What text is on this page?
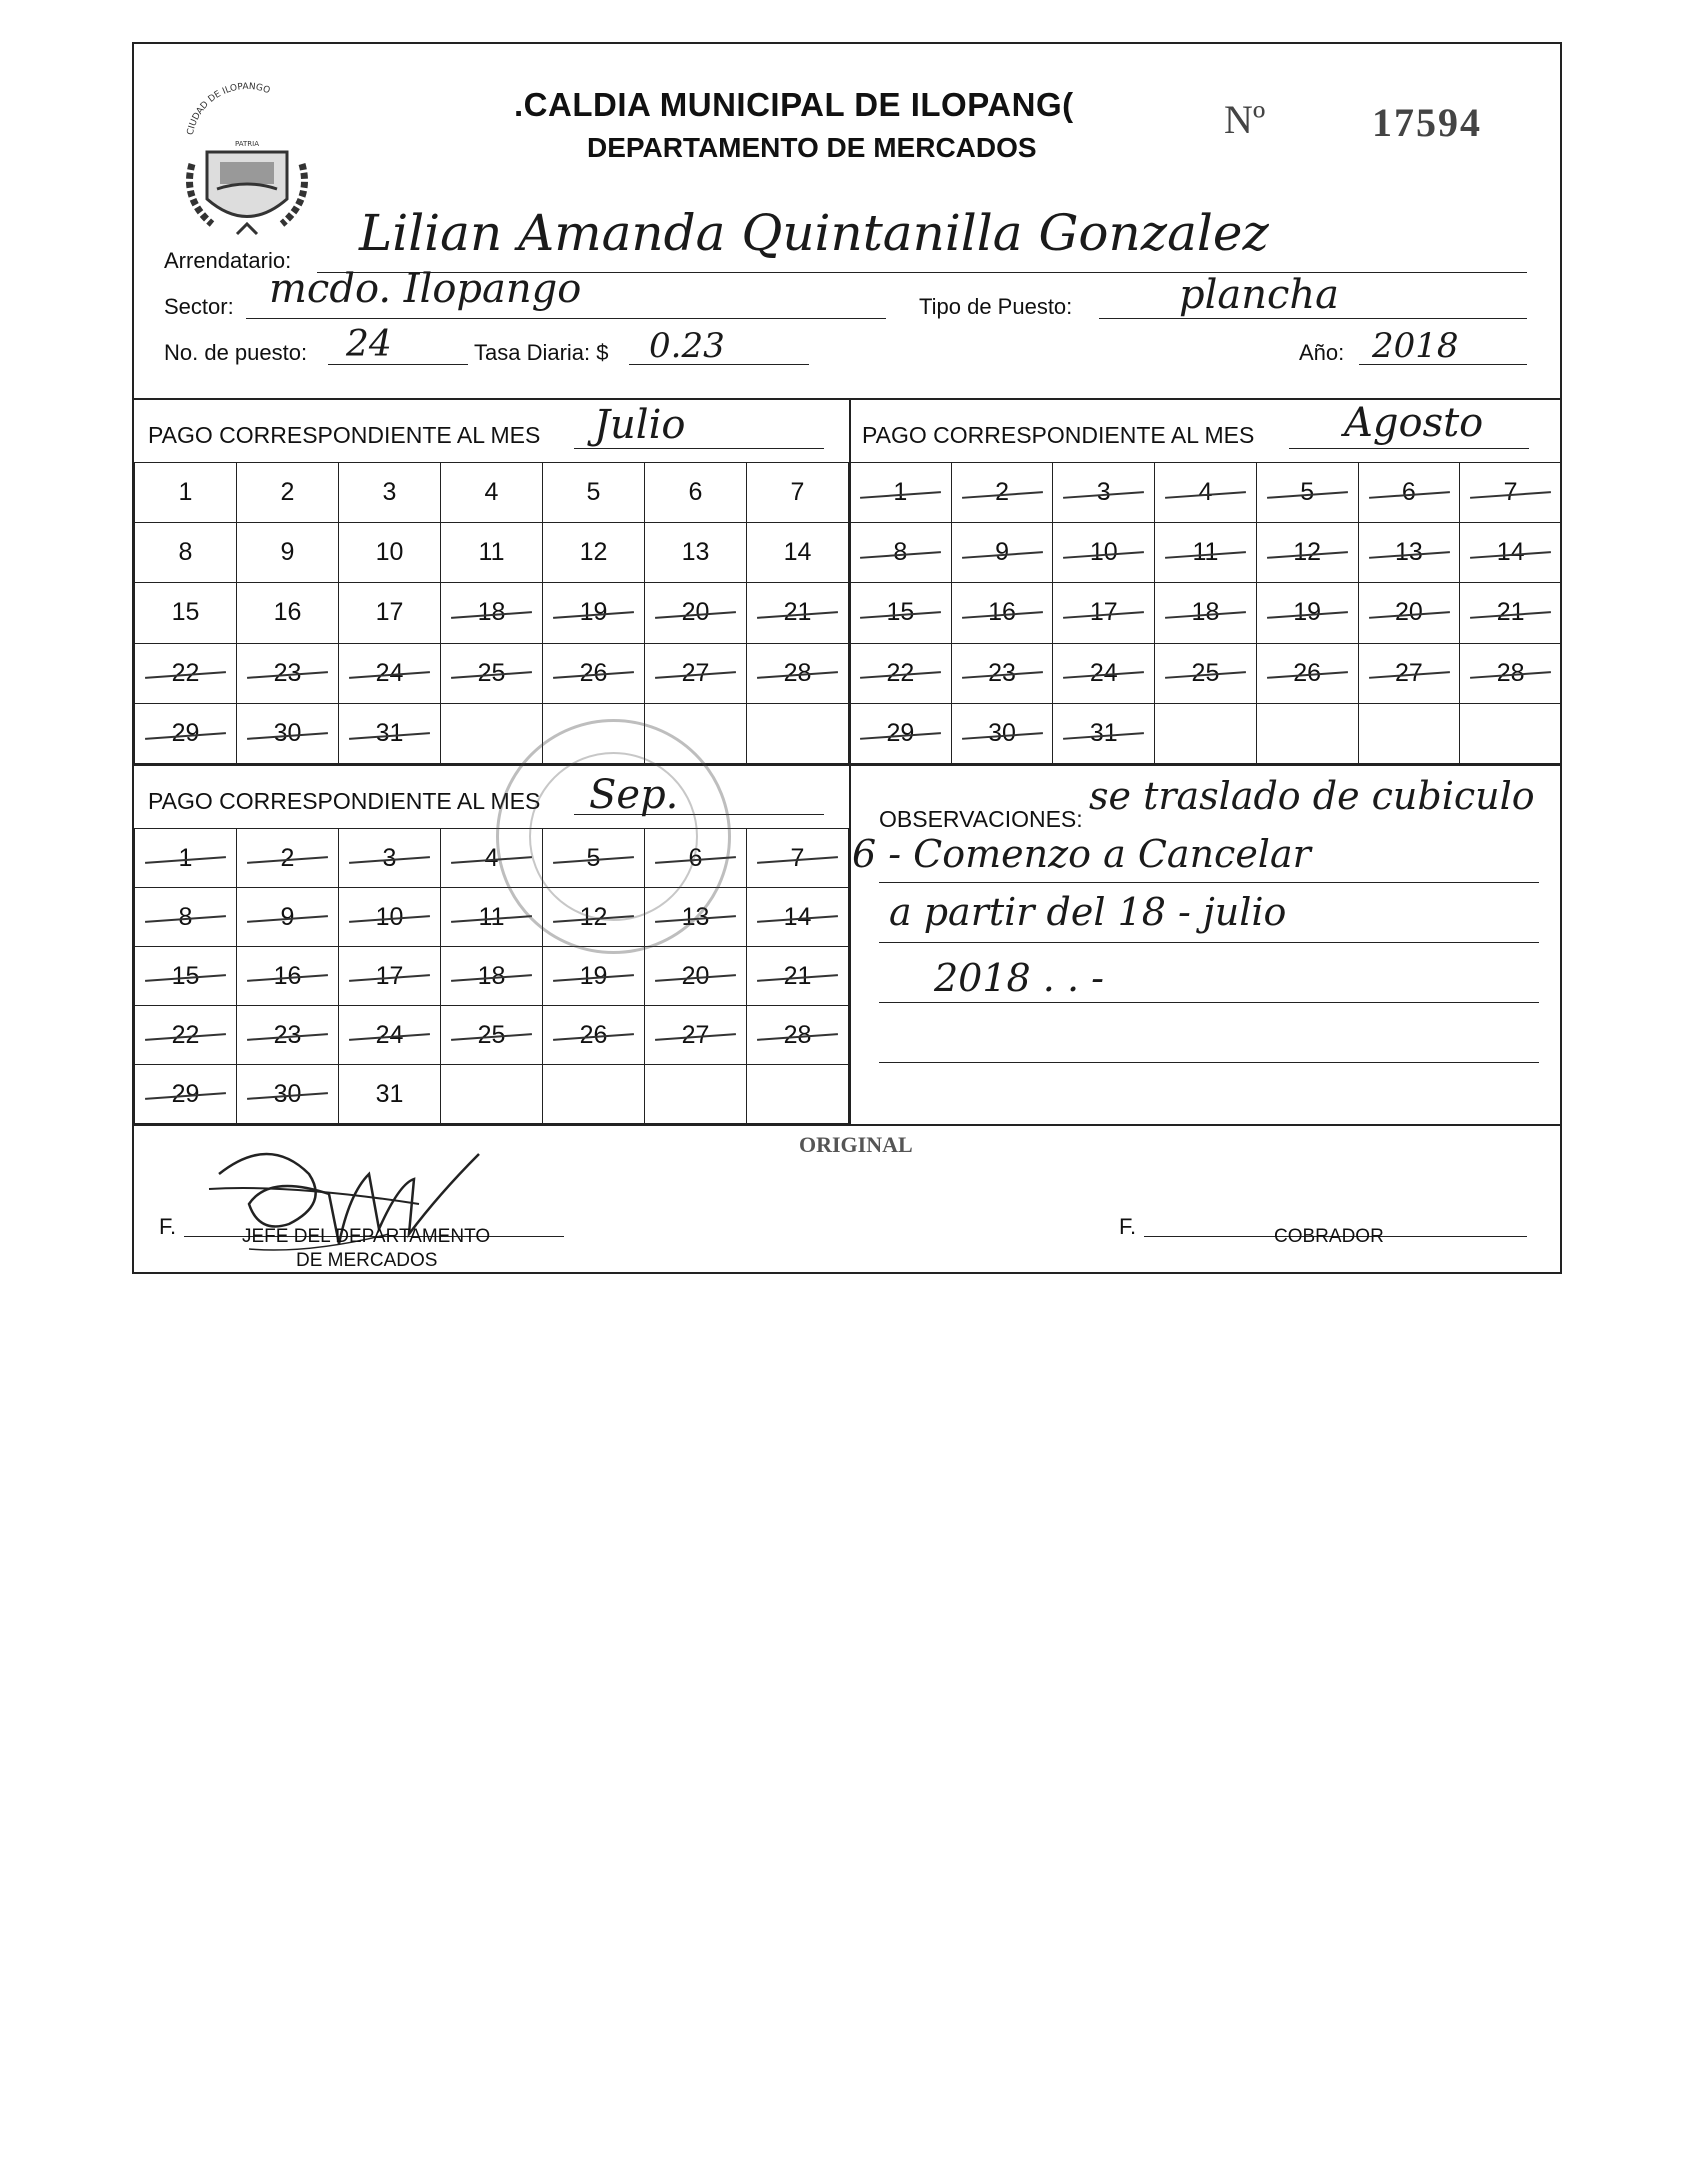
CIUDAD DE ILOPANGO
PATRIA
.CALDIA MUNICIPAL DE ILOPANG(
DEPARTAMENTO DE MERCADOS
Nº	17594
Arrendatario: Lilian Amanda Quintanilla Gonzalez
Sector: mcdo. Ilopango	Tipo de Puesto:	plancha
No. de puesto: 24	Tasa Diaria: $ 0.23	Año: 2018
PAGO CORRESPONDIENTE AL MES Julio
1	2	3	4	5	6	7
8	9	10	11	12	13	14
15	16	17	18	19	20	21
22	23	24	25	26	27	28
29	30	31				
PAGO CORRESPONDIENTE AL MES Agosto
1	2	3	4	5	6	7
8	9	10	11	12	13	14
15	16	17	18	19	20	21
22	23	24	25	26	27	28
29	30	31				
PAGO CORRESPONDIENTE AL MES Sep.
1	2	3	4	5	6	7
8	9	10	11	12	13	14
15	16	17	18	19	20	21
22	23	24	25	26	27	28
29	30	31				
OBSERVACIONES:
se traslado de cubiculo
6 - Comenzo a Cancelar
a partir del 18 - julio
2018 . . -
ORIGINAL
F.	JEFE DEL DEPARTAMENTO
DE MERCADOS
F.	COBRADOR
